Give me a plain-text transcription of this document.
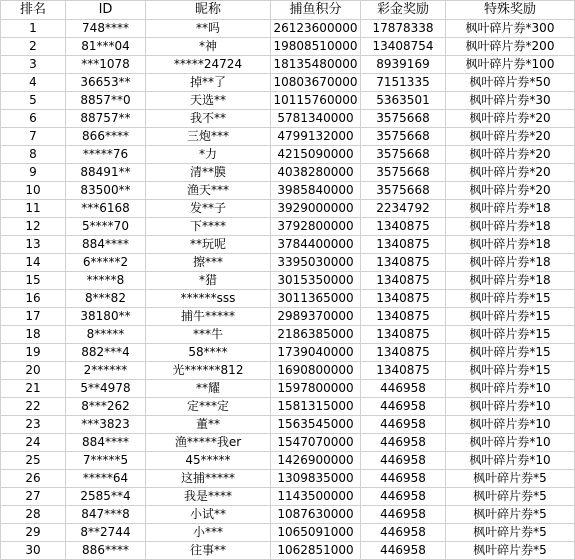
排名	ID	昵称	捕鱼积分	彩金奖励	特殊奖励
1	748****	**吗	26123600000	17878338	枫叶碎片券*300
2	81***04	*神	19808510000	13408754	枫叶碎片券*200
3	***1078	*****24724	18135480000	8939169	枫叶碎片券*100
4	36653**	掉**了	10803670000	7151335	枫叶碎片券*50
5	8857**0	天选**	10115760000	5363501	枫叶碎片券*30
6	88757**	我不**	5781340000	3575668	枫叶碎片券*20
7	866****	三炮***	4799132000	3575668	枫叶碎片券*20
8	*****76	*力	4215090000	3575668	枫叶碎片券*20
9	88491**	清**膜	4038280000	3575668	枫叶碎片券*20
10	83500**	渔天***	3985840000	3575668	枫叶碎片券*20
11	***6168	发**子	3929000000	2234792	枫叶碎片券*18
12	5****70	下****	3792800000	1340875	枫叶碎片券*18
13	884****	**玩呢	3784400000	1340875	枫叶碎片券*18
14	6*****2	擦***	3395030000	1340875	枫叶碎片券*18
15	*****8	*猎	3015350000	1340875	枫叶碎片券*18
16	8***82	******sss	3011365000	1340875	枫叶碎片券*15
17	38180**	捕牛*****	2989370000	1340875	枫叶碎片券*15
18	8*****	***牛	2186385000	1340875	枫叶碎片券*15
19	882***4	58****	1739040000	1340875	枫叶碎片券*15
20	2******	光******812	1690800000	1340875	枫叶碎片券*15
21	5**4978	**耀	1597800000	446958	枫叶碎片券*10
22	8***262	定***定	1581315000	446958	枫叶碎片券*10
23	***3823	董**	1563545000	446958	枫叶碎片券*10
24	884****	渔*****我er	1547070000	446958	枫叶碎片券*10
25	7*****5	45*****	1426900000	446958	枫叶碎片券*10
26	*****64	这捕*****	1309835000	446958	枫叶碎片券*5
27	2585**4	我是****	1143500000	446958	枫叶碎片券*5
28	847***8	小试**	1087630000	446958	枫叶碎片券*5
29	8**2744	小***	1065091000	446958	枫叶碎片券*5
30	886****	往事**	1062851000	446958	枫叶碎片券*5
